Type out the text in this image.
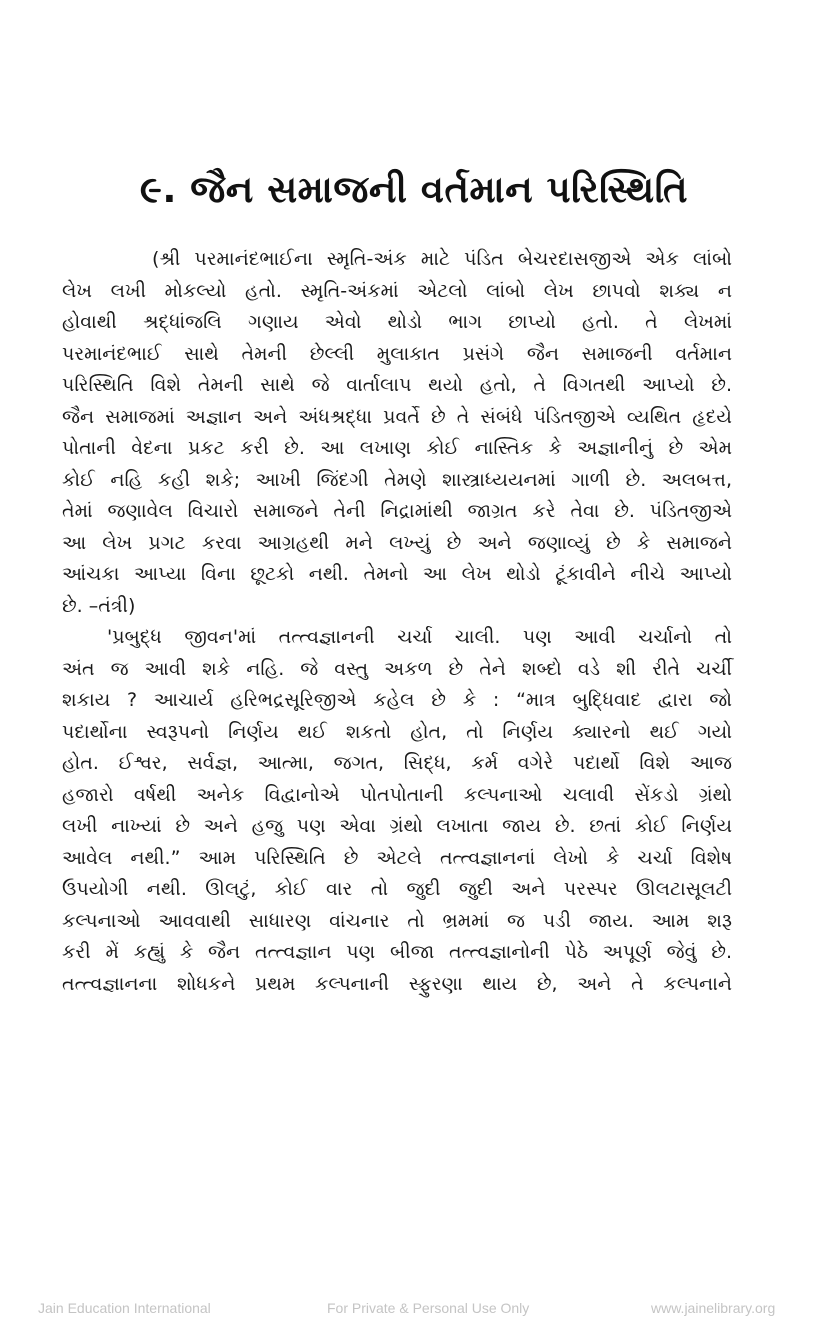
૯. જૈન સમાજની વર્તમાન પરિસ્થિતિ
(શ્રી પરમાનંદભાઈના સ્મૃતિ-અંક માટે પંડિત બેચરદાસજીએ એક લાંબો
લેખ લખી મોકલ્યો હતો. સ્મૃતિ-અંકમાં એટલો લાંબો લેખ છાપવો શક્ય ન
હોવાથી શ્રદ્ધાંજલિ ગણાય એવો થોડો ભાગ છાપ્યો હતો. તે લેખમાં
પરમાનંદભાઈ સાથે તેમની છેલ્લી મુલાકાત પ્રસંગે જૈન સમાજની વર્તમાન
પરિસ્થિતિ વિશે તેમની સાથે જે વાર્તાલાપ થયો હતો, તે વિગતથી આપ્યો છે.
જૈન સમાજમાં અજ્ઞાન અને અંધશ્રદ્ધા પ્રવર્તે છે તે સંબંધે પંડિતજીએ વ્યથિત હૃદયે
પોતાની વેદના પ્રકટ કરી છે. આ લખાણ કોઈ નાસ્તિક કે અજ્ઞાનીનું છે એમ
કોઈ નહિ કહી શકે; આખી જિંદગી તેમણે શાસ્ત્રાધ્યયનમાં ગાળી છે. અલબત્ત,
તેમાં જણાવેલ વિચારો સમાજને તેની નિદ્રામાંથી જાગ્રત કરે તેવા છે. પંડિતજીએ
આ લેખ પ્રગટ કરવા આગ્રહથી મને લખ્યું છે અને જણાવ્યું છે કે સમાજને
આંચકા આપ્યા વિના છૂટકો નથી. તેમનો આ લેખ થોડો ટૂંકાવીને નીચે આપ્યો
છે. –તંત્રી)
'પ્રબુદ્ધ જીવન'માં તત્ત્વજ્ઞાનની ચર્ચા ચાલી. પણ આવી ચર્ચાનો તો
અંત જ આવી શકે નહિ. જે વસ્તુ અકળ છે તેને શબ્દો વડે શી રીતે ચર્ચી
શકાય ? આચાર્ય હરિભદ્રસૂરિજીએ કહેલ છે કે : “માત્ર બુદ્ધિવાદ દ્વારા જો
પદાર્થોના સ્વરૂપનો નિર્ણય થઈ શકતો હોત, તો નિર્ણય ક્યારનો થઈ ગયો
હોત. ઈશ્વર, સર્વજ્ઞ, આત્મા, જગત, સિદ્ધ, કર્મ વગેરે પદાર્થો વિશે આજ
હજારો વર્ષથી અનેક વિદ્વાનોએ પોતપોતાની કલ્પનાઓ ચલાવી સેંકડો ગ્રંથો
લખી નાખ્યાં છે અને હજુ પણ એવા ગ્રંથો લખાતા જાય છે. છતાં કોઈ નિર્ણય
આવેલ નથી.” આમ પરિસ્થિતિ છે એટલે તત્ત્વજ્ઞાનનાં લેખો કે ચર્ચા વિશેષ
ઉપયોગી નથી. ઊલટું, કોઈ વાર તો જુદી જુદી અને પરસ્પર ઊલટાસૂલટી
કલ્પનાઓ આવવાથી સાધારણ વાંચનાર તો ભ્રમમાં જ પડી જાય. આમ શરૂ
કરી મેં કહ્યું કે જૈન તત્ત્વજ્ઞાન પણ બીજા તત્ત્વજ્ઞાનોની પેઠે અપૂર્ણ જેવું છે.
તત્ત્વજ્ઞાનના શોધકને પ્રથમ કલ્પનાની સ્ફુરણા થાય છે, અને તે કલ્પનાને
Jain Education International	For Private & Personal Use Only	www.jainelibrary.org
